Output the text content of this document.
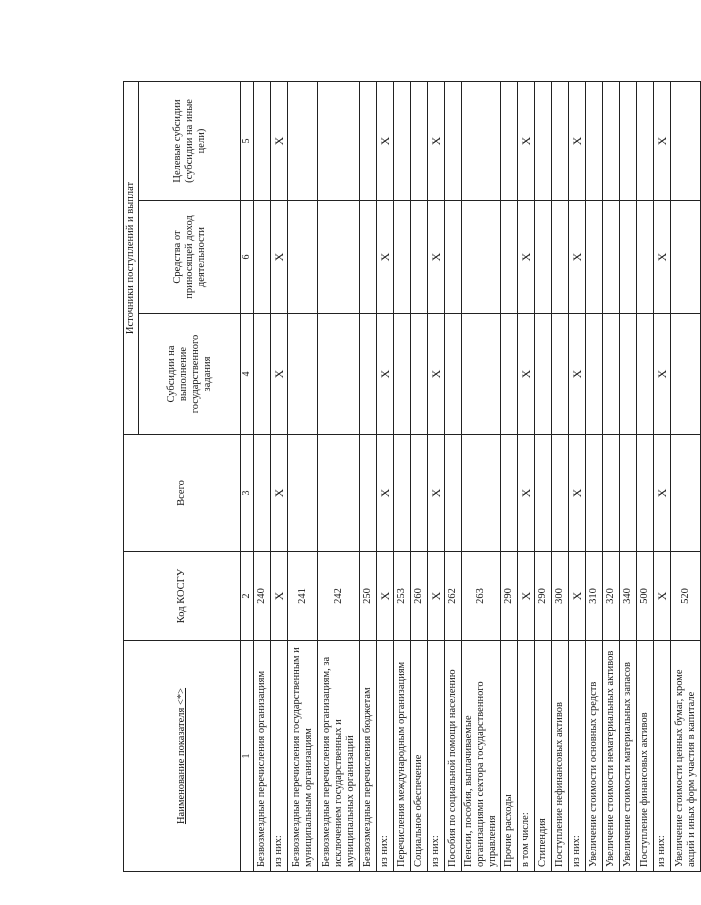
Наименование показателя <*>	Код КОСГУ	Всего	Источники поступлений и выплат		
			Субсидии на выполнение государственного задания	Средства от приносящей доход деятельности	Целевые субсидии (субсидии на иные цели)
1	2	3	4	6	5
Безвозмездные перечисления организациям	240				
из них:	X	X	X	X	X
Безвозмездные перечисления государственным и муниципальным организациям	241				
Безвозмездные перечисления организациям, за исключением государственных и муниципальных организаций	242				
Безвозмездные перечисления бюджетам	250				
из них:	X	X	X	X	X
Перечисления международным организациям	253				
Социальное обеспечение	260				
из них:	X	X	X	X	X
Пособия по социальной помощи населению	262				
Пенсии, пособия, выплачиваемые организациями сектора государственного управления	263				
Прочие расходы	290				
в том числе:	X	X	X	X	X
Стипендия	290				
Поступление нефинансовых активов	300				
из них:	X	X	X	X	X
Увеличение стоимости основных средств	310				
Увеличение стоимости нематериальных активов	320				
Увеличение стоимости материальных запасов	340				
Поступление финансовых активов	500				
из них:	X	X	X	X	X
Увеличение стоимости ценных бумаг, кроме акций и иных форм участия в капитале	520				
